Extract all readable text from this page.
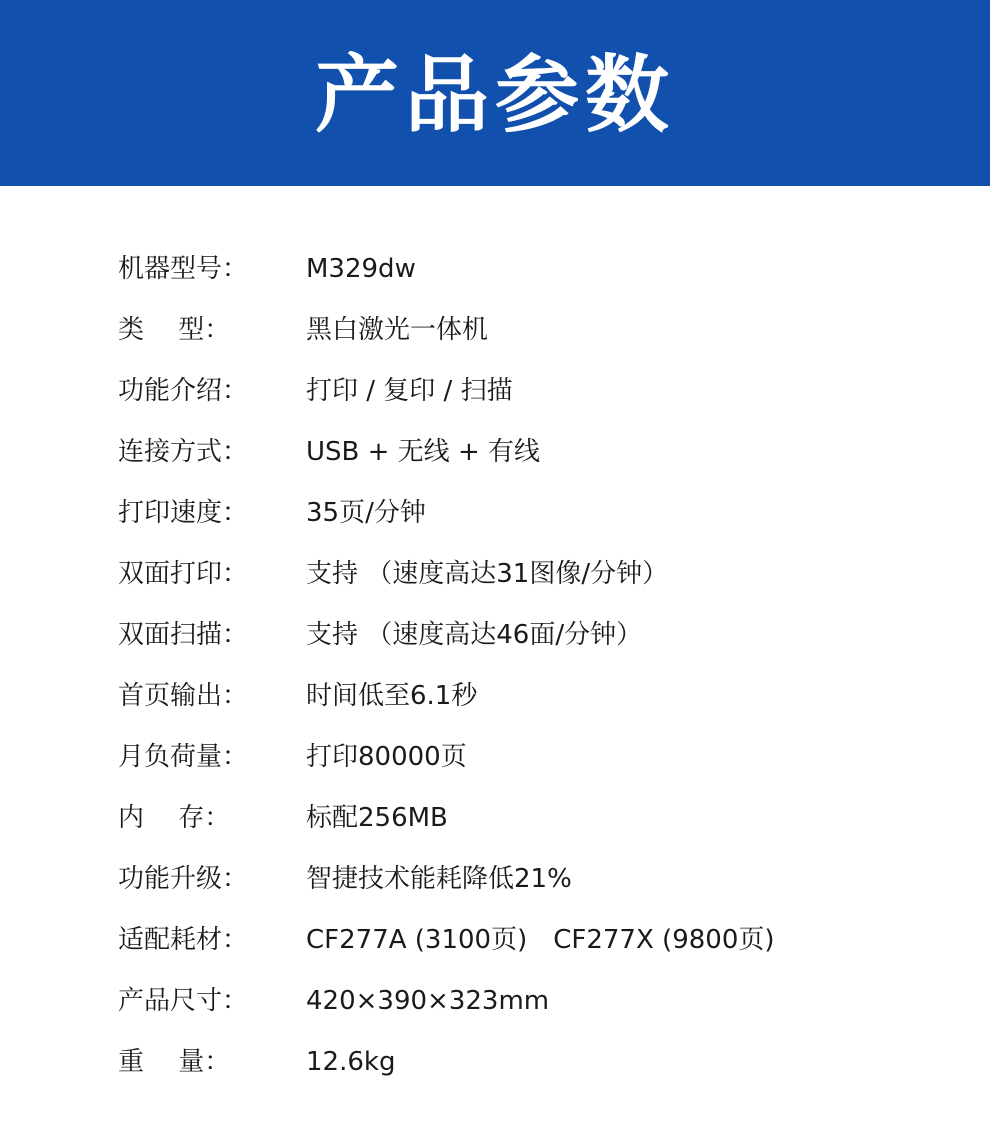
产品参数
机器型号：	M329dw
类　 型：	黑白激光一体机
功能介绍：	打印 / 复印 / 扫描
连接方式：	USB + 无线 + 有线
打印速度：	35页/分钟
双面打印：	支持 （速度高达31图像/分钟）
双面扫描：	支持 （速度高达46面/分钟）
首页输出：	时间低至6.1秒
月负荷量：	打印80000页
内　 存：	标配256MB
功能升级：	智捷技术能耗降低21%
适配耗材：	CF277A (3100页)　CF277X (9800页)
产品尺寸：	420×390×323mm
重　 量：	12.6kg
